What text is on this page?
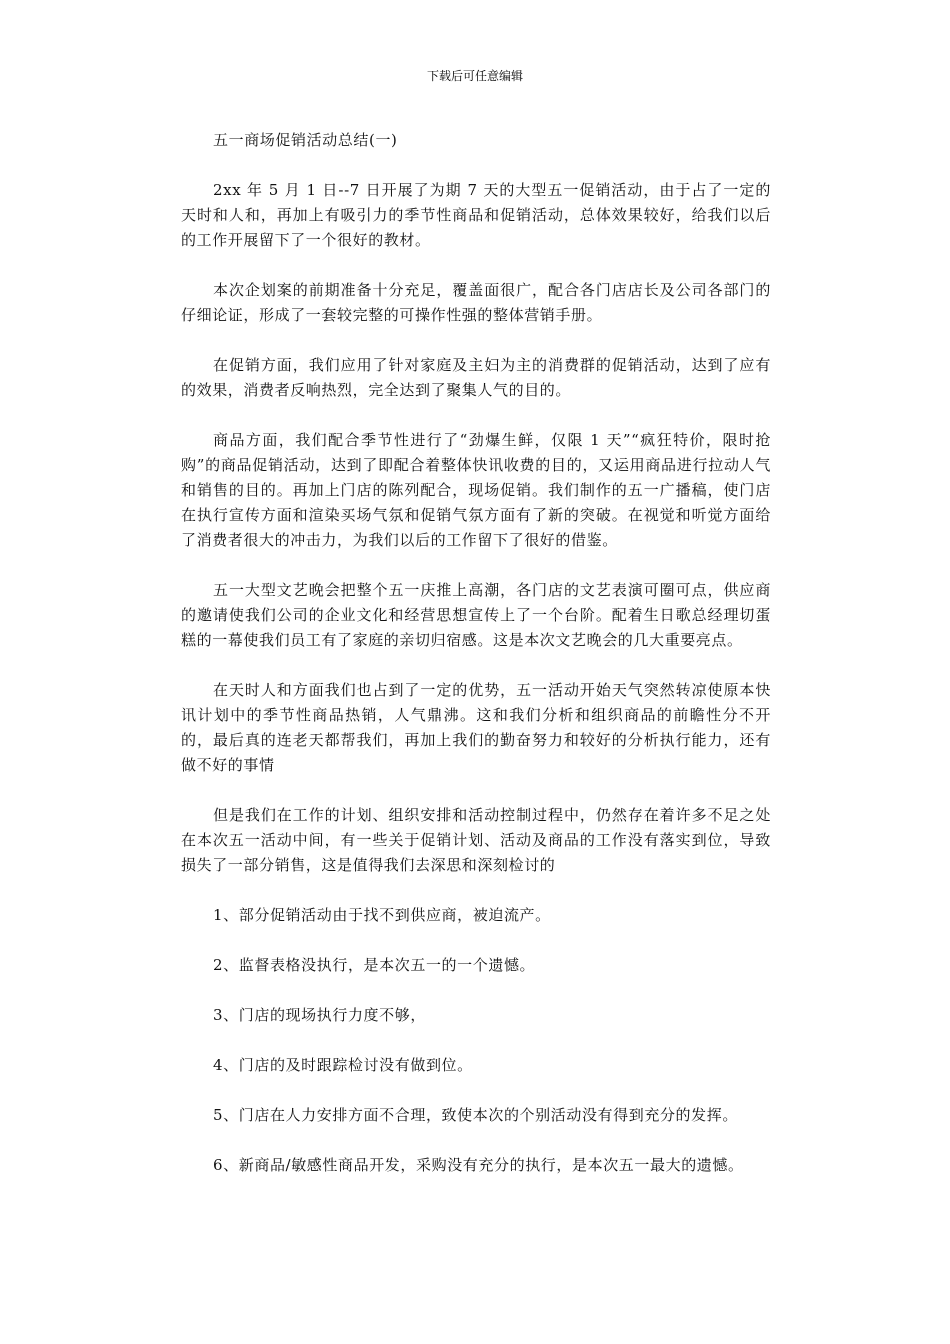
下载后可任意编辑

五一商场促销活动总结(一)

2xx 年 5 月 1 日--7 日开展了为期 7 天的大型五一促销活动，由于占了一定的天时和人和，再加上有吸引力的季节性商品和促销活动，总体效果较好，给我们以后的工作开展留下了一个很好的教材。

本次企划案的前期准备十分充足，覆盖面很广，配合各门店店长及公司各部门的仔细论证，形成了一套较完整的可操作性强的整体营销手册。

在促销方面，我们应用了针对家庭及主妇为主的消费群的促销活动，达到了应有的效果，消费者反响热烈，完全达到了聚集人气的目的。

商品方面，我们配合季节性进行了“劲爆生鲜，仅限 1 天”“疯狂特价，限时抢购”的商品促销活动，达到了即配合着整体快讯收费的目的，又运用商品进行拉动人气和销售的目的。再加上门店的陈列配合，现场促销。我们制作的五一广播稿，使门店在执行宣传方面和渲染买场气氛和促销气氛方面有了新的突破。在视觉和听觉方面给了消费者很大的冲击力，为我们以后的工作留下了很好的借鉴。

五一大型文艺晚会把整个五一庆推上高潮，各门店的文艺表演可圈可点，供应商的邀请使我们公司的企业文化和经营思想宣传上了一个台阶。配着生日歌总经理切蛋糕的一幕使我们员工有了家庭的亲切归宿感。这是本次文艺晚会的几大重要亮点。

在天时人和方面我们也占到了一定的优势，五一活动开始天气突然转凉使原本快讯计划中的季节性商品热销，人气鼎沸。这和我们分析和组织商品的前瞻性分不开的，最后真的连老天都帮我们，再加上我们的勤奋努力和较好的分析执行能力，还有做不好的事情

但是我们在工作的计划、组织安排和活动控制过程中，仍然存在着许多不足之处在本次五一活动中间，有一些关于促销计划、活动及商品的工作没有落实到位，导致损失了一部分销售，这是值得我们去深思和深刻检讨的

1、部分促销活动由于找不到供应商，被迫流产。
2、监督表格没执行，是本次五一的一个遗憾。
3、门店的现场执行力度不够，
4、门店的及时跟踪检讨没有做到位。
5、门店在人力安排方面不合理，致使本次的个别活动没有得到充分的发挥。
6、新商品/敏感性商品开发，采购没有充分的执行，是本次五一最大的遗憾。
